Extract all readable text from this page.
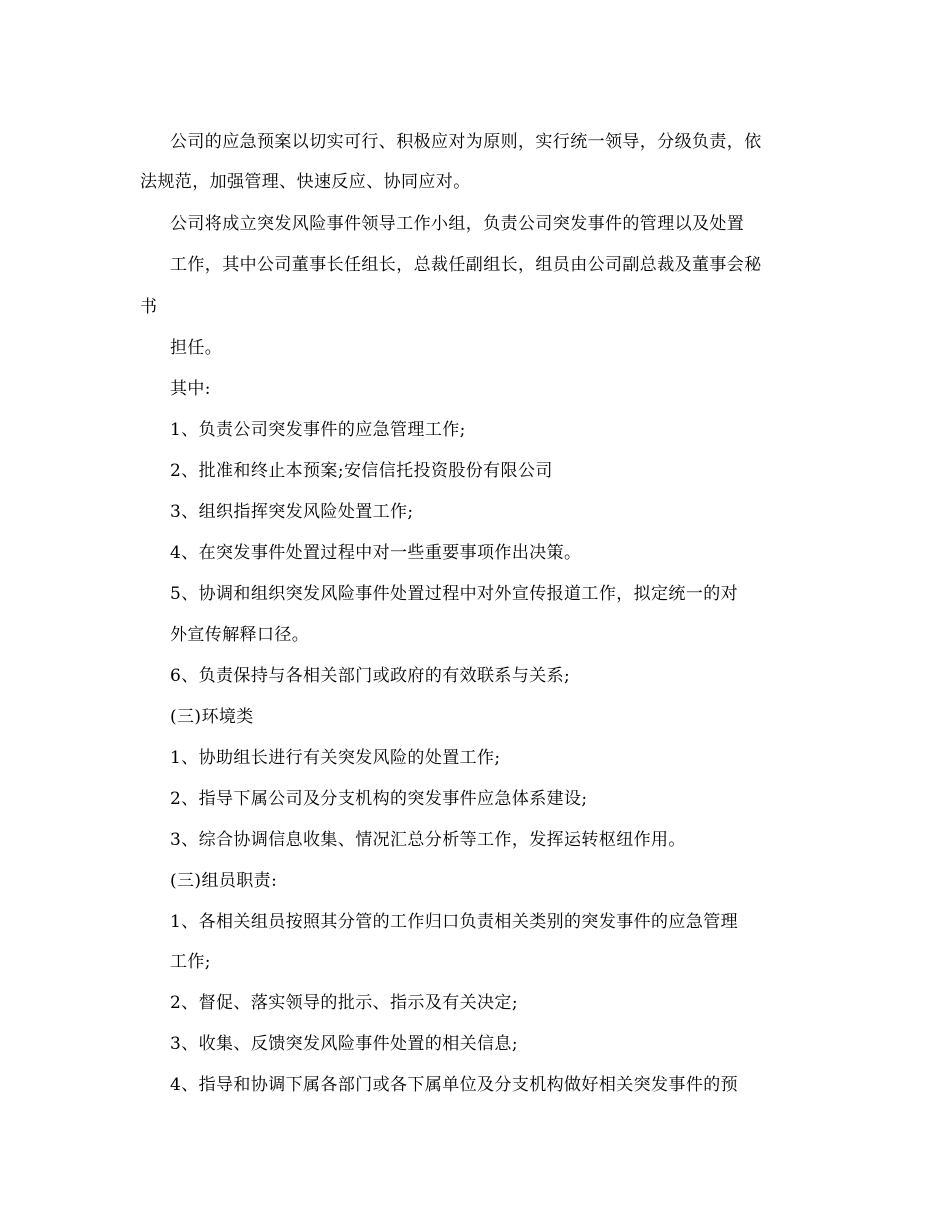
公司的应急预案以切实可行、积极应对为原则，实行统一领导，分级负责，依
法规范，加强管理、快速反应、协同应对。
公司将成立突发风险事件领导工作小组，负责公司突发事件的管理以及处置
工作，其中公司董事长任组长，总裁任副组长，组员由公司副总裁及董事会秘
书
担任。
其中:
1、负责公司突发事件的应急管理工作;
2、批准和终止本预案;安信信托投资股份有限公司
3、组织指挥突发风险处置工作;
4、在突发事件处置过程中对一些重要事项作出决策。
5、协调和组织突发风险事件处置过程中对外宣传报道工作，拟定统一的对
外宣传解释口径。
6、负责保持与各相关部门或政府的有效联系与关系;
(三)环境类
1、协助组长进行有关突发风险的处置工作;
2、指导下属公司及分支机构的突发事件应急体系建设;
3、综合协调信息收集、情况汇总分析等工作，发挥运转枢纽作用。
(三)组员职责:
1、各相关组员按照其分管的工作归口负责相关类别的突发事件的应急管理
工作;
2、督促、落实领导的批示、指示及有关决定;
3、收集、反馈突发风险事件处置的相关信息;
4、指导和协调下属各部门或各下属单位及分支机构做好相关突发事件的预
